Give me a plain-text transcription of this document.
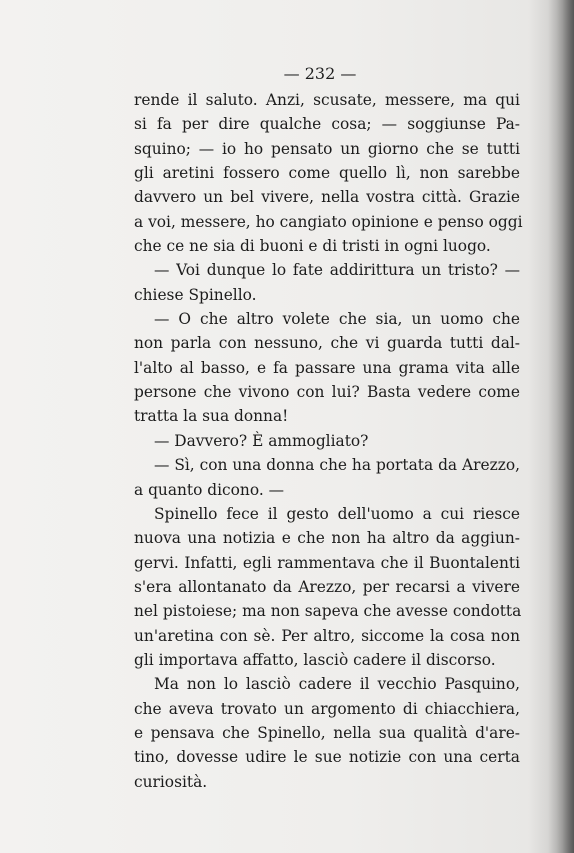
— 232 —
rende il saluto. Anzi, scusate, messere, ma qui
si fa per dire qualche cosa; — soggiunse Pa-
squino; — io ho pensato un giorno che se tutti
gli aretini fossero come quello lì, non sarebbe
davvero un bel vivere, nella vostra città. Grazie
a voi, messere, ho cangiato opinione e penso oggi
che ce ne sia di buoni e di tristi in ogni luogo.
— Voi dunque lo fate addirittura un tristo? —
chiese Spinello.
— O che altro volete che sia, un uomo che
non parla con nessuno, che vi guarda tutti dal-
l'alto al basso, e fa passare una grama vita alle
persone che vivono con lui? Basta vedere come
tratta la sua donna!
— Davvero? È ammogliato?
— Sì, con una donna che ha portata da Arezzo,
a quanto dicono. —
Spinello fece il gesto dell'uomo a cui riesce
nuova una notizia e che non ha altro da aggiun-
gervi. Infatti, egli rammentava che il Buontalenti
s'era allontanato da Arezzo, per recarsi a vivere
nel pistoiese; ma non sapeva che avesse condotta
un'aretina con sè. Per altro, siccome la cosa non
gli importava affatto, lasciò cadere il discorso.
Ma non lo lasciò cadere il vecchio Pasquino,
che aveva trovato un argomento di chiacchiera,
e pensava che Spinello, nella sua qualità d'are-
tino, dovesse udire le sue notizie con una certa
curiosità.
